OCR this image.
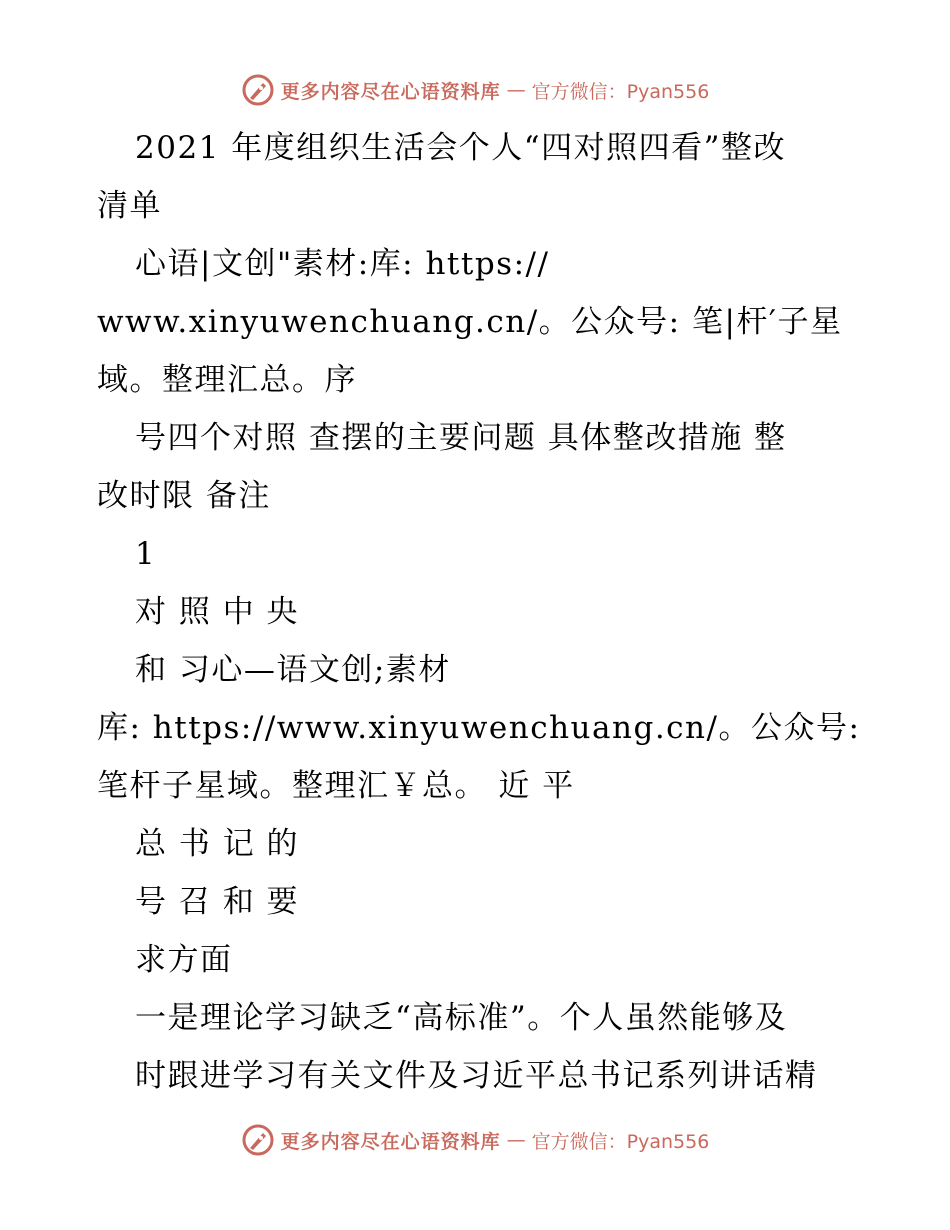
更多内容尽在心语资料库 — 官方微信：Pyan556
2021 年度组织生活会个人“四对照四看”整改
清单
心语|文创"素材:库: https://
www.xinyuwenchuang.cn/。公众号: 笔|杆′子星
域。整理汇总。序
号四个对照 查摆的主要问题 具体整改措施 整
改时限 备注
1
对 照 中 央
和 习心—语文创;素材
库: https://www.xinyuwenchuang.cn/。公众号:
笔杆子星域。整理汇￥总。 近 平
总 书 记 的
号 召 和 要
求方面
一是理论学习缺乏“高标准”。个人虽然能够及
时跟进学习有关文件及习近平总书记系列讲话精
更多内容尽在心语资料库 — 官方微信：Pyan556
